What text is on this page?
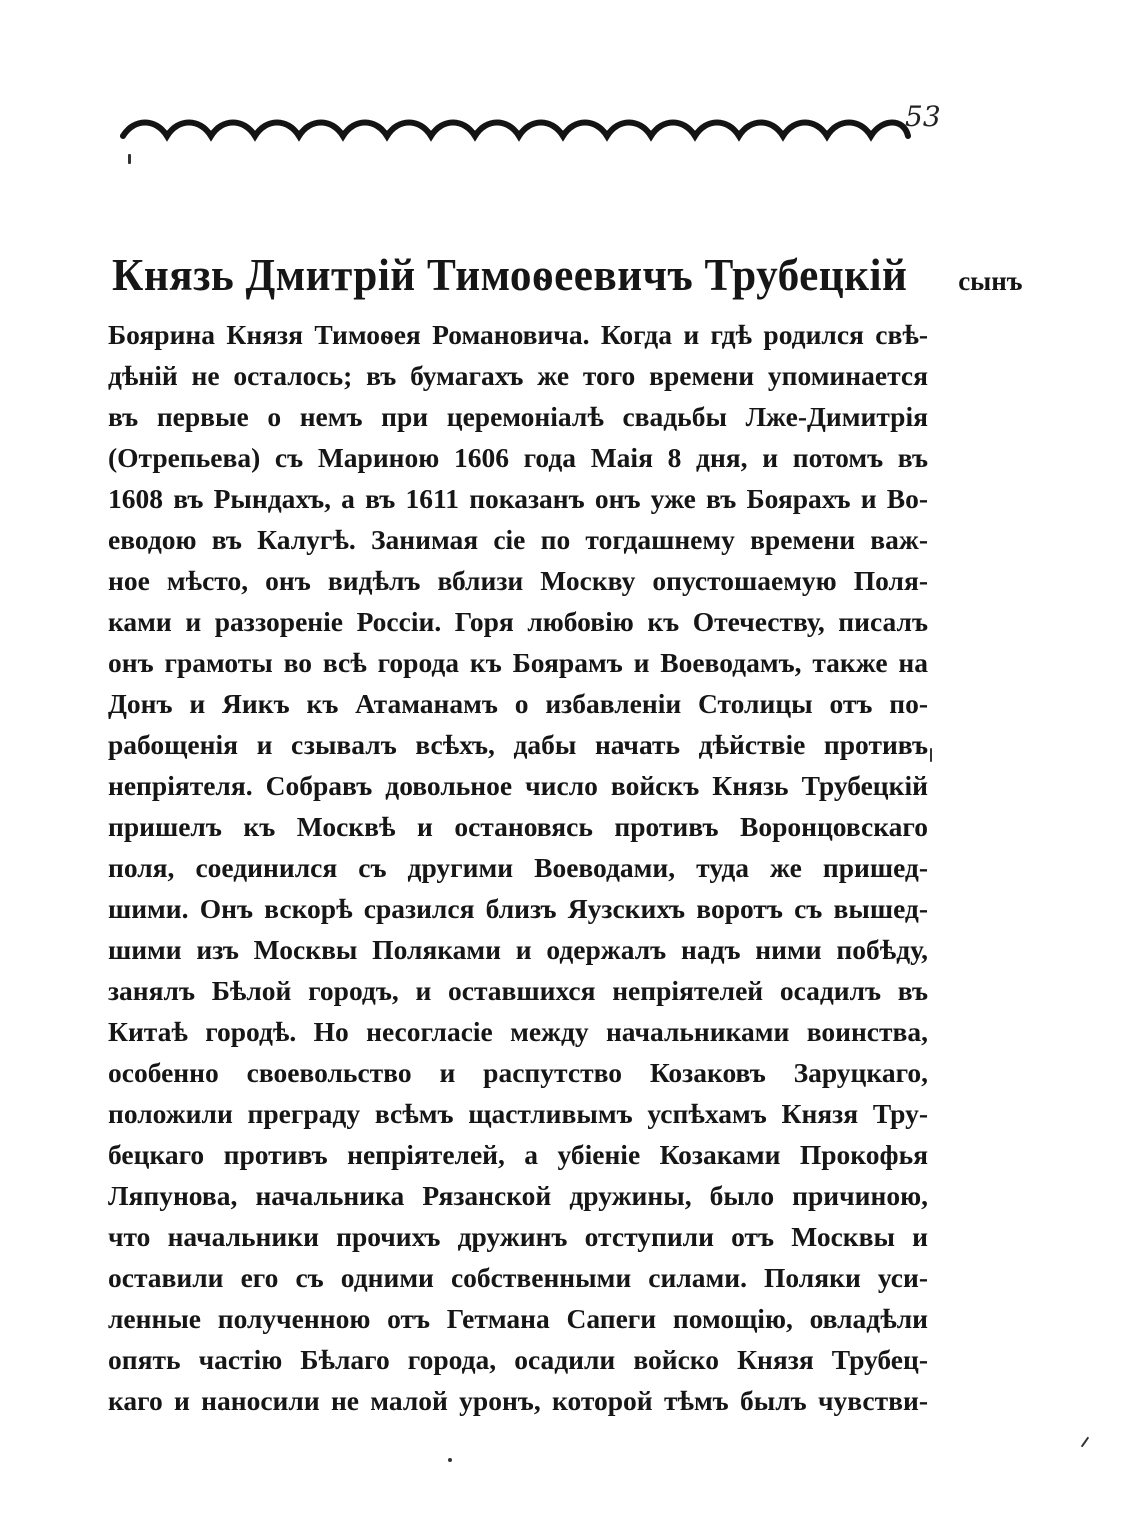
53
Князь Дмитрій Тимоѳеевичъ Трубецкій сынъ
Боярина Князя Тимоѳея Романовича. Когда и гдѣ родился свѣ-
дѣній не осталось; въ бумагахъ же того времени упоминается
въ первые о немъ при церемоніалѣ свадьбы Лже-Димитрія
(Отрепьева) съ Мариною 1606 года Маія 8 дня, и потомъ въ
1608 въ Рындахъ, а въ 1611 показанъ онъ уже въ Боярахъ и Во-
еводою въ Калугѣ. Занимая сіе по тогдашнему времени важ-
ное мѣсто, онъ видѣлъ вблизи Москву опустошаемую Поля-
ками и раззореніе Россіи. Горя любовію къ Отечеству, писалъ
онъ грамоты во всѣ города къ Боярамъ и Воеводамъ, также на
Донъ и Яикъ къ Атаманамъ о избавленіи Столицы отъ по-
рабощенія и сзывалъ всѣхъ, дабы начать дѣйствіе противъ
непріятеля. Собравъ довольное число войскъ Князь Трубецкій
пришелъ къ Москвѣ и остановясь противъ Воронцовскаго
поля, соединился съ другими Воеводами, туда же пришед-
шими. Онъ вскорѣ сразился близъ Яузскихъ воротъ съ вышед-
шими изъ Москвы Поляками и одержалъ надъ ними побѣду,
занялъ Бѣлой городъ, и оставшихся непріятелей осадилъ въ
Китаѣ городѣ. Но несогласіе между начальниками воинства,
особенно своевольство и распутство Козаковъ Заруцкаго,
положили преграду всѣмъ щастливымъ успѣхамъ Князя Тру-
бецкаго противъ непріятелей, а убіеніе Козаками Прокофья
Ляпунова, начальника Рязанской дружины, было причиною,
что начальники прочихъ дружинъ отступили отъ Москвы и
оставили его съ одними собственными силами. Поляки уси-
ленные полученною отъ Гетмана Сапеги помощію, овладѣли
опять частію Бѣлаго города, осадили войско Князя Трубец-
каго и наносили не малой уронъ, которой тѣмъ былъ чувстви-
